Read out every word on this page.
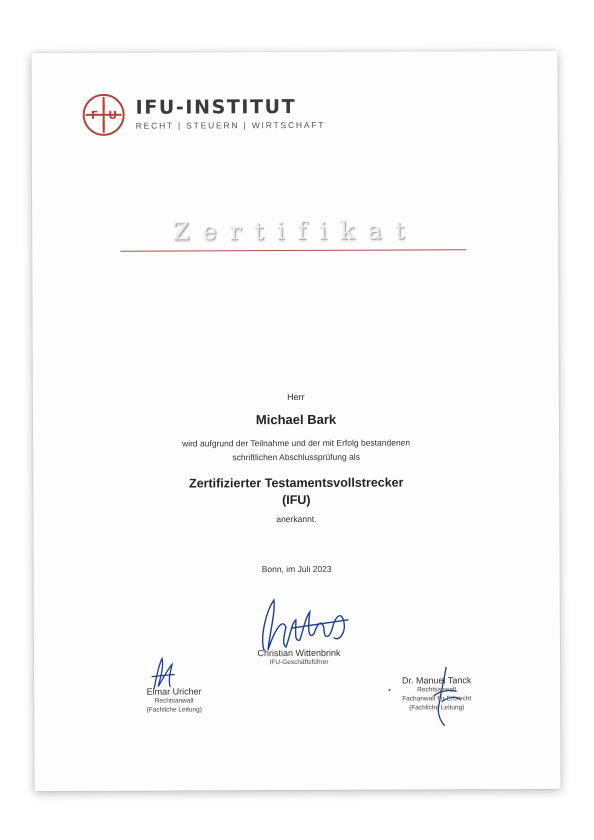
I
F U
I
IFU-INSTITUT
RECHT | STEUERN | WIRTSCHAFT
Zertifikat
Herr
Michael Bark
wird aufgrund der Teilnahme und der mit Erfolg bestandenen
schriftlichen Abschlussprüfung als
Zertifizierter Testamentsvollstrecker
(IFU)
anerkannt.
Bonn, im Juli 2023
Christian Wittenbrink
IFU-Geschäftsführer
Elmar Uricher
Rechtsanwalt
(Fachliche Leitung)
•
Dr. Manuel Tanck
Rechtsanwalt
Fachanwalt für Erbrecht
(Fachliche Leitung)
